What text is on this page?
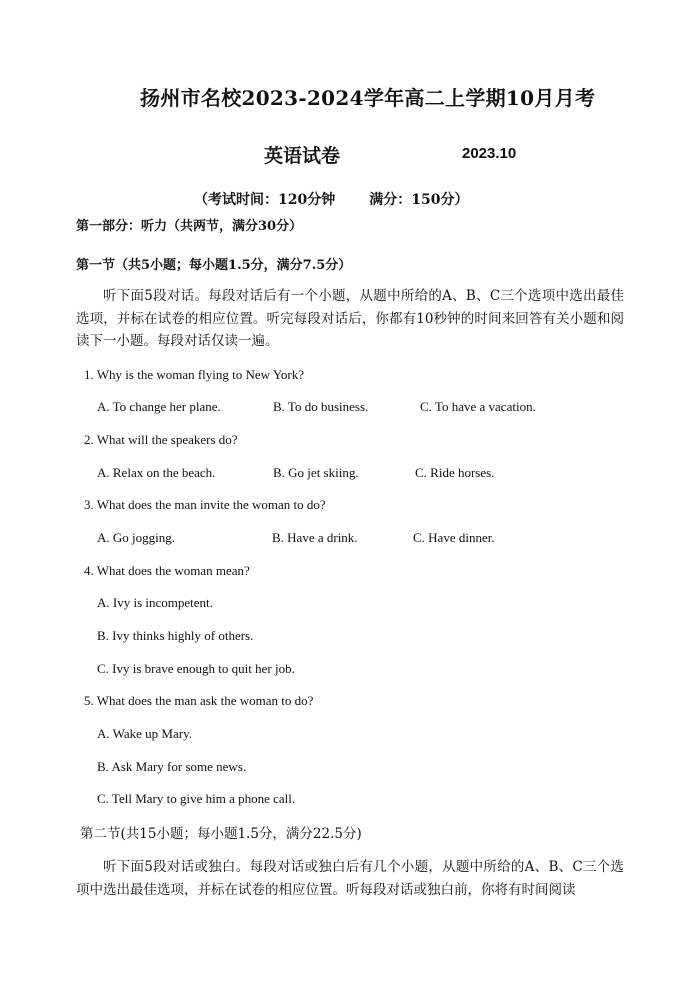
扬州市名校2023-2024学年高二上学期10月月考
英语试卷	2023.10
（考试时间：120分钟 满分：150分）
第一部分：听力（共两节，满分30分）
第一节（共5小题；每小题1.5分，满分7.5分）
听下面5段对话。每段对话后有一个小题，从题中所给的A、B、C三个选项中选出最佳选项，并标在试卷的相应位置。听完每段对话后，你都有10秒钟的时间来回答有关小题和阅读下一小题。每段对话仅读一遍。
1. Why is the woman flying to New York?
A. To change her plane.	B. To do business.	C. To have a vacation.
2. What will the speakers do?
A. Relax on the beach.	B. Go jet skiing.	C. Ride horses.
3. What does the man invite the woman to do?
A. Go jogging.	B. Have a drink.	C. Have dinner.
4. What does the woman mean?
A. Ivy is incompetent.
B. Ivy thinks highly of others.
C. Ivy is brave enough to quit her job.
5. What does the man ask the woman to do?
A. Wake up Mary.
B. Ask Mary for some news.
C. Tell Mary to give him a phone call.
第二节(共15小题；每小题1.5分，满分22.5分)
听下面5段对话或独白。每段对话或独白后有几个小题，从题中所给的A、B、C三个选项中选出最佳选项，并标在试卷的相应位置。听每段对话或独白前，你将有时间阅读
